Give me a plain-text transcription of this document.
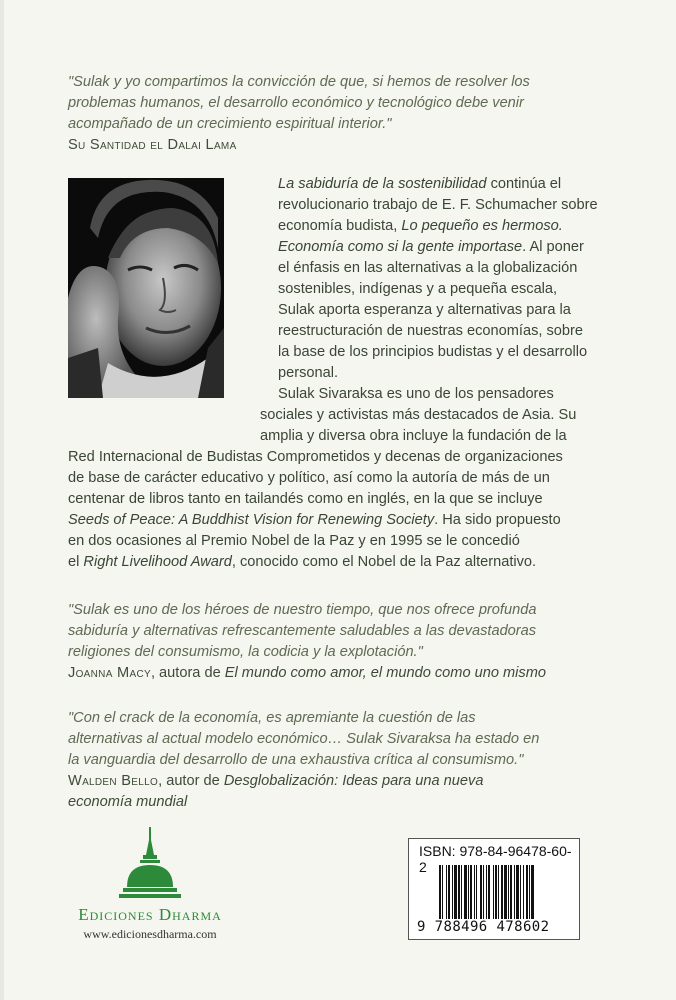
"Sulak y yo compartimos la convicción de que, si hemos de resolver los
problemas humanos, el desarrollo económico y tecnológico debe venir
acompañado de un crecimiento espiritual interior."
Su Santidad el Dalai Lama
La sabiduría de la sostenibilidad continúa el
revolucionario trabajo de E. F. Schumacher sobre
economía budista, Lo pequeño es hermoso.
Economía como si la gente importase. Al poner
el énfasis en las alternativas a la globalización
sostenibles, indígenas y a pequeña escala,
Sulak aporta esperanza y alternativas para la
reestructuración de nuestras economías, sobre
la base de los principios budistas y el desarrollo
personal.
Sulak Sivaraksa es uno de los pensadores
sociales y activistas más destacados de Asia. Su
amplia y diversa obra incluye la fundación de la
Red Internacional de Budistas Comprometidos y decenas de organizaciones
de base de carácter educativo y político, así como la autoría de más de un
centenar de libros tanto en tailandés como en inglés, en la que se incluye
Seeds of Peace: A Buddhist Vision for Renewing Society. Ha sido propuesto
en dos ocasiones al Premio Nobel de la Paz y en 1995 se le concedió
el Right Livelihood Award, conocido como el Nobel de la Paz alternativo.
"Sulak es uno de los héroes de nuestro tiempo, que nos ofrece profunda
sabiduría y alternativas refrescantemente saludables a las devastadoras
religiones del consumismo, la codicia y la explotación."
Joanna Macy, autora de El mundo como amor, el mundo como uno mismo
"Con el crack de la economía, es apremiante la cuestión de las
alternativas al actual modelo económico… Sulak Sivaraksa ha estado en
la vanguardia del desarrollo de una exhaustiva crítica al consumismo."
Walden Bello, autor de Desglobalización: Ideas para una nueva
economía mundial
Ediciones Dharma
www.edicionesdharma.com
ISBN: 978-84-96478-60-2
9 788496 478602
